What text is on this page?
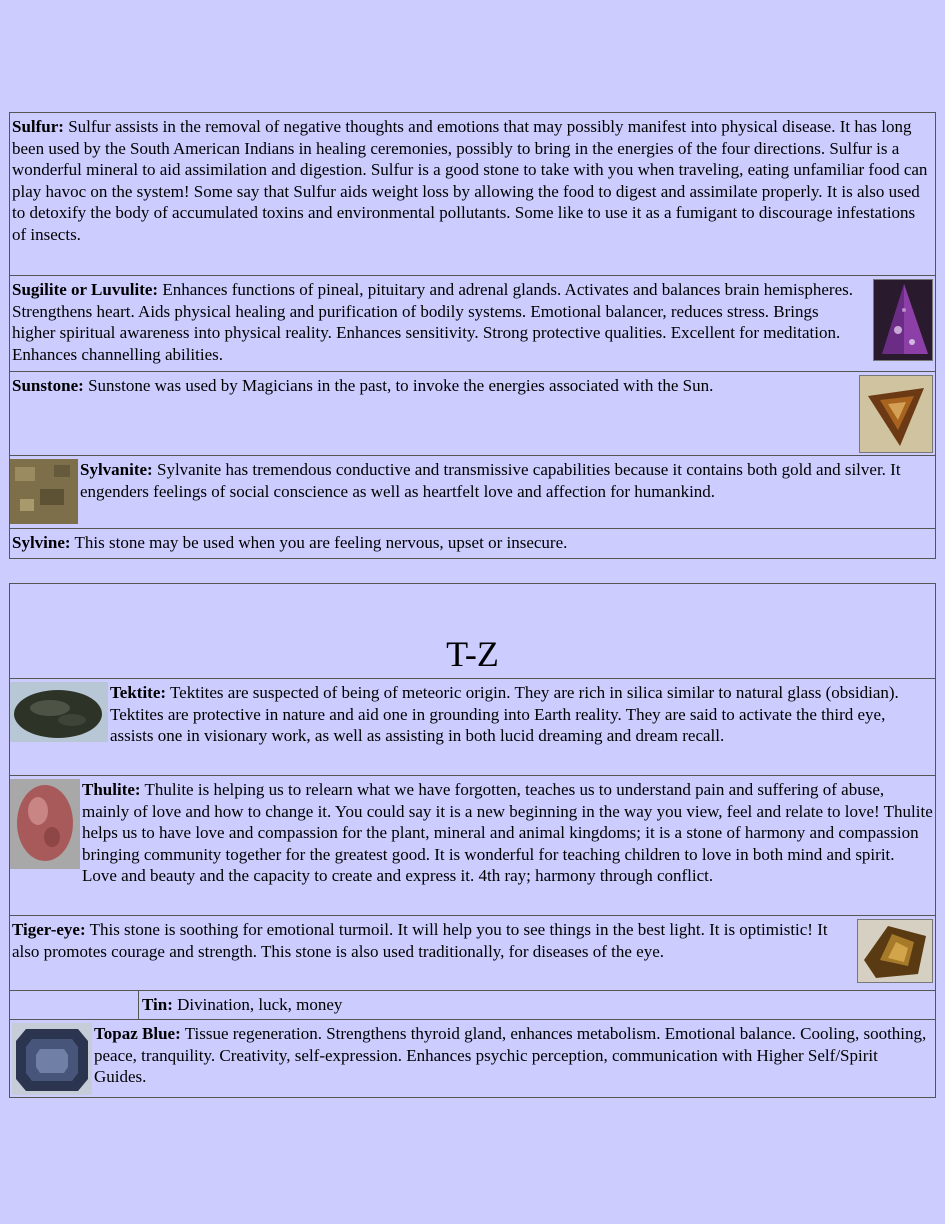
Sulfur: Sulfur assists in the removal of negative thoughts and emotions that may possibly manifest into physical disease. It has long been used by the South American Indians in healing ceremonies, possibly to bring in the energies of the four directions. Sulfur is a wonderful mineral to aid assimilation and digestion. Sulfur is a good stone to take with you when traveling, eating unfamiliar food can play havoc on the system! Some say that Sulfur aids weight loss by allowing the food to digest and assimilate properly. It is also used to detoxify the body of accumulated toxins and environmental pollutants. Some like to use it as a fumigant to discourage infestations of insects.

Sugilite or Luvulite: Enhances functions of pineal, pituitary and adrenal glands. Activates and balances brain hemispheres. Strengthens heart. Aids physical healing and purification of bodily systems. Emotional balancer, reduces stress. Brings higher spiritual awareness into physical reality. Enhances sensitivity. Strong protective qualities. Excellent for meditation. Enhances channelling abilities.

Sunstone: Sunstone was used by Magicians in the past, to invoke the energies associated with the Sun.

Sylvanite: Sylvanite has tremendous conductive and transmissive capabilities because it contains both gold and silver. It engenders feelings of social conscience as well as heartfelt love and affection for humankind.

Sylvine: This stone may be used when you are feeling nervous, upset or insecure.

T-Z

Tektite: Tektites are suspected of being of meteoric origin. They are rich in silica similar to natural glass (obsidian). Tektites are protective in nature and aid one in grounding into Earth reality. They are said to activate the third eye, assists one in visionary work, as well as assisting in both lucid dreaming and dream recall.

Thulite: Thulite is helping us to relearn what we have forgotten, teaches us to understand pain and suffering of abuse, mainly of love and how to change it. You could say it is a new beginning in the way you view, feel and relate to love! Thulite helps us to have love and compassion for the plant, mineral and animal kingdoms; it is a stone of harmony and compassion bringing community together for the greatest good. It is wonderful for teaching children to love in both mind and spirit. Love and beauty and the capacity to create and express it. 4th ray; harmony through conflict.

Tiger-eye: This stone is soothing for emotional turmoil. It will help you to see things in the best light. It is optimistic! It also promotes courage and strength. This stone is also used traditionally, for diseases of the eye.

Tin: Divination, luck, money

Topaz Blue: Tissue regeneration. Strengthens thyroid gland, enhances metabolism. Emotional balance. Cooling, soothing, peace, tranquility. Creativity, self-expression. Enhances psychic perception, communication with Higher Self/Spirit Guides.
